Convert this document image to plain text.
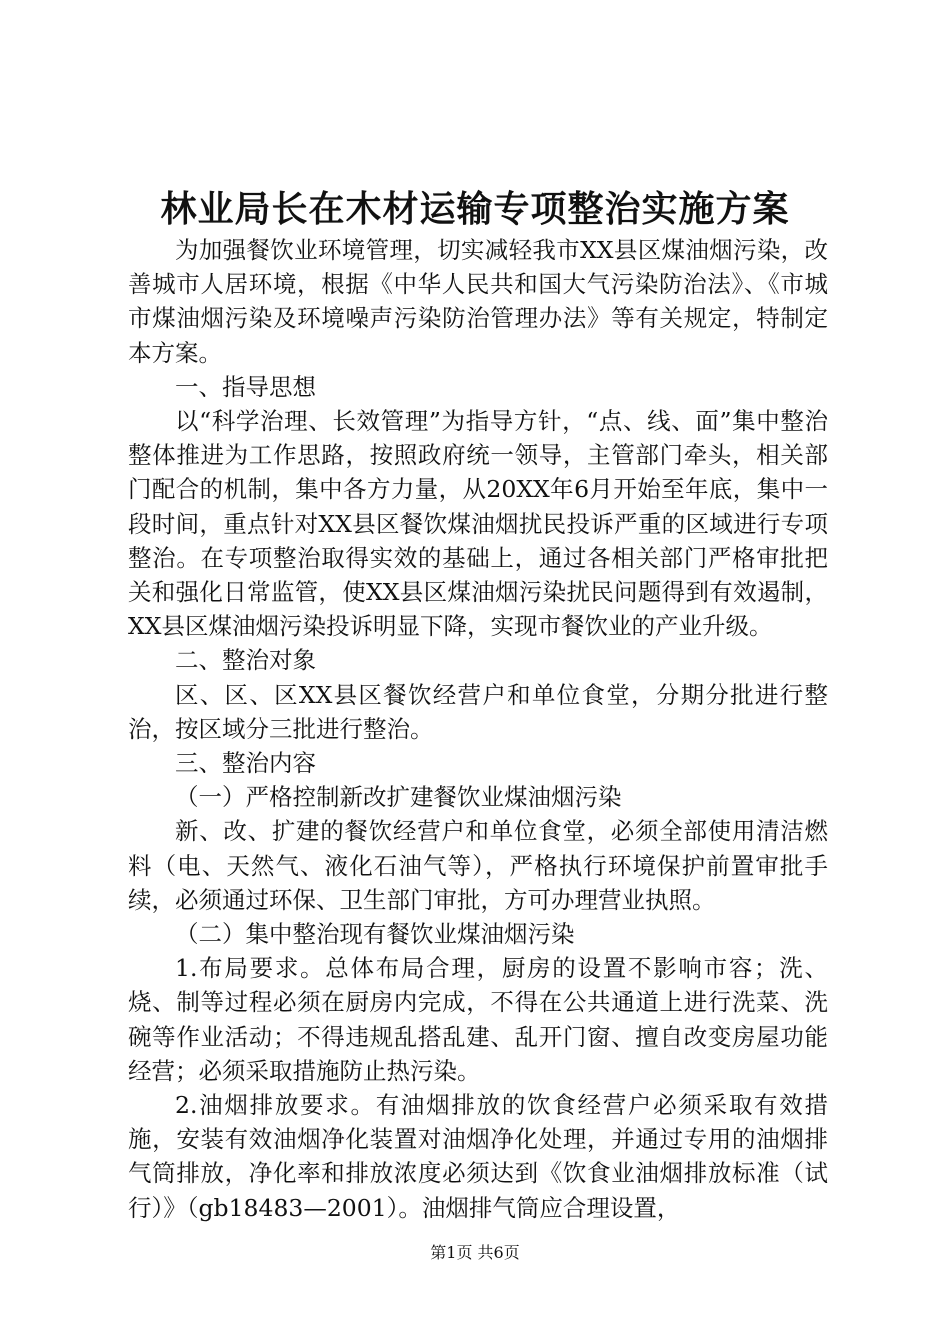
林业局长在木材运输专项整治实施方案

为加强餐饮业环境管理，切实减轻我市XX县区煤油烟污染，改善城市人居环境，根据《中华人民共和国大气污染防治法》、《市城市煤油烟污染及环境噪声污染防治管理办法》等有关规定，特制定本方案。

一、指导思想

以“科学治理、长效管理”为指导方针，“点、线、面”集中整治整体推进为工作思路，按照政府统一领导，主管部门牵头，相关部门配合的机制，集中各方力量，从20XX年6月开始至年底，集中一段时间，重点针对XX县区餐饮煤油烟扰民投诉严重的区域进行专项整治。在专项整治取得实效的基础上，通过各相关部门严格审批把关和强化日常监管，使XX县区煤油烟污染扰民问题得到有效遏制，XX县区煤油烟污染投诉明显下降，实现市餐饮业的产业升级。

二、整治对象

区、区、区XX县区餐饮经营户和单位食堂，分期分批进行整治，按区域分三批进行整治。

三、整治内容

（一）严格控制新改扩建餐饮业煤油烟污染

新、改、扩建的餐饮经营户和单位食堂，必须全部使用清洁燃料（电、天然气、液化石油气等），严格执行环境保护前置审批手续，必须通过环保、卫生部门审批，方可办理营业执照。

（二）集中整治现有餐饮业煤油烟污染

1.布局要求。总体布局合理，厨房的设置不影响市容；洗、烧、制等过程必须在厨房内完成，不得在公共通道上进行洗菜、洗碗等作业活动；不得违规乱搭乱建、乱开门窗、擅自改变房屋功能经营；必须采取措施防止热污染。

2.油烟排放要求。有油烟排放的饮食经营户必须采取有效措施，安装有效油烟净化装置对油烟净化处理，并通过专用的油烟排气筒排放，净化率和排放浓度必须达到《饮食业油烟排放标准（试行）》（gb18483—2001）。油烟排气筒应合理设置，

第1页 共6页
